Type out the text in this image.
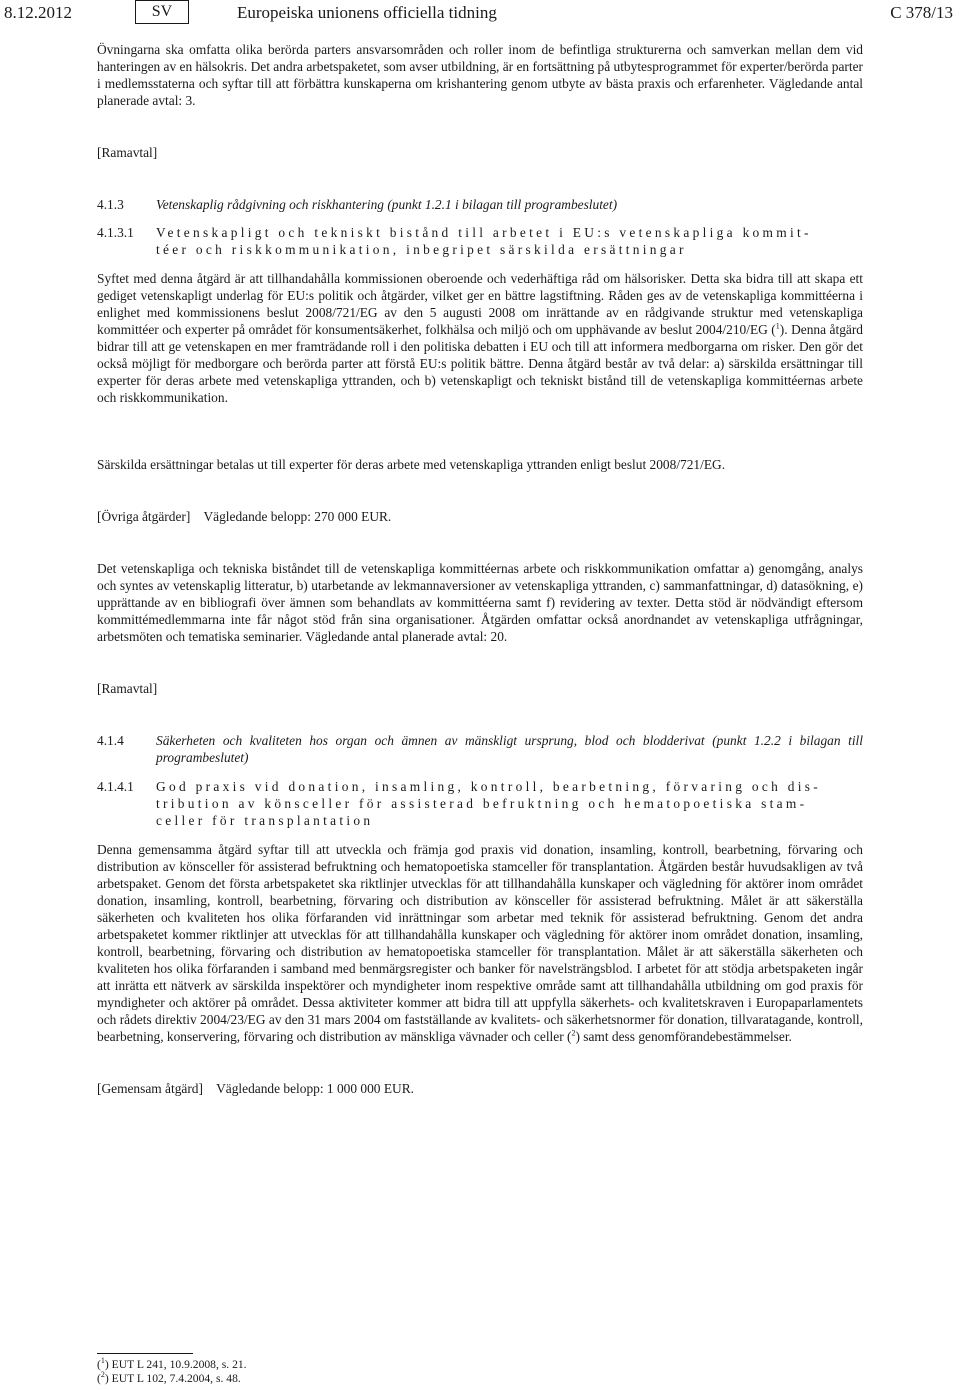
8.12.2012	SV	Europeiska unionens officiella tidning	C 378/13

Övningarna ska omfatta olika berörda parters ansvarsområden och roller inom de befintliga strukturerna och samverkan mellan dem vid hanteringen av en hälsokris. Det andra arbetspaketet, som avser utbildning, är en fortsättning på utbytesprogrammet för experter/berörda parter i medlemsstaterna och syftar till att förbättra kunskaperna om krishantering genom utbyte av bästa praxis och erfarenheter. Vägledande antal planerade avtal: 3.

[Ramavtal]

4.1.3	Vetenskaplig rådgivning och riskhantering (punkt 1.2.1 i bilagan till programbeslutet)
4.1.3.1	Vetenskapligt och tekniskt bistånd till arbetet i EU:s vetenskapliga kommit-
téer och riskkommunikation, inbegripet särskilda ersättningar

Syftet med denna åtgärd är att tillhandahålla kommissionen oberoende och vederhäftiga råd om hälsorisker. Detta ska bidra till att skapa ett gediget vetenskapligt underlag för EU:s politik och åtgärder, vilket ger en bättre lagstiftning. Råden ges av de vetenskapliga kommittéerna i enlighet med kommissionens beslut 2008/721/EG av den 5 augusti 2008 om inrättande av en rådgivande struktur med vetenskapliga kommittéer och experter på området för konsumentsäkerhet, folkhälsa och miljö och om upphävande av beslut 2004/210/EG ($^1$). Denna åtgärd bidrar till att ge vetenskapen en mer framträdande roll i den politiska debatten i EU och till att informera medborgarna om risker. Den gör det också möjligt för medborgare och berörda parter att förstå EU:s politik bättre. Denna åtgärd består av två delar: a) särskilda ersättningar till experter för deras arbete med vetenskapliga yttranden, och b) vetenskapligt och tekniskt bistånd till de vetenskapliga kommittéernas arbete och riskkommunikation.

Särskilda ersättningar betalas ut till experter för deras arbete med vetenskapliga yttranden enligt beslut 2008/721/EG.

[Övriga åtgärder] Vägledande belopp: 270 000 EUR.

Det vetenskapliga och tekniska biståndet till de vetenskapliga kommittéernas arbete och riskkommunikation omfattar a) genomgång, analys och syntes av vetenskaplig litteratur, b) utarbetande av lekmannaversioner av vetenskapliga yttranden, c) sammanfattningar, d) datasökning, e) upprättande av en bibliografi över ämnen som behandlats av kommittéerna samt f) revidering av texter. Detta stöd är nödvändigt eftersom kommittémedlemmarna inte får något stöd från sina organisationer. Åtgärden omfattar också anordnandet av vetenskapliga utfrågningar, arbetsmöten och tematiska seminarier. Vägledande antal planerade avtal: 20.

[Ramavtal]

4.1.4	Säkerheten och kvaliteten hos organ och ämnen av mänskligt ursprung, blod och blodderivat (punkt 1.2.2 i bilagan till programbeslutet)
4.1.4.1	God praxis vid donation, insamling, kontroll, bearbetning, förvaring och dis-
tribution av könsceller för assisterad befruktning och hematopoetiska stam-
celler för transplantation

Denna gemensamma åtgärd syftar till att utveckla och främja god praxis vid donation, insamling, kontroll, bearbetning, förvaring och distribution av könsceller för assisterad befruktning och hematopoetiska stamceller för transplantation. Åtgärden består huvudsakligen av två arbetspaket. Genom det första arbetspaketet ska riktlinjer utvecklas för att tillhandahålla kunskaper och vägledning för aktörer inom området donation, insamling, kontroll, bearbetning, förvaring och distribution av könsceller för assisterad befruktning. Målet är att säkerställa säkerheten och kvaliteten hos olika förfaranden vid inrättningar som arbetar med teknik för assisterad befruktning. Genom det andra arbetspaketet kommer riktlinjer att utvecklas för att tillhandahålla kunskaper och vägledning för aktörer inom området donation, insamling, kontroll, bearbetning, förvaring och distribution av hematopoetiska stamceller för transplantation. Målet är att säkerställa säkerheten och kvaliteten hos olika förfaranden i samband med benmärgsregister och banker för navelsträngsblod. I arbetet för att stödja arbetspaketen ingår att inrätta ett nätverk av särskilda inspektörer och myndigheter inom respektive område samt att tillhandahålla utbildning om god praxis för myndigheter och aktörer på området. Dessa aktiviteter kommer att bidra till att uppfylla säkerhets- och kvalitetskraven i Europaparlamentets och rådets direktiv 2004/23/EG av den 31 mars 2004 om fastställande av kvalitets- och säkerhetsnormer för donation, tillvaratagande, kontroll, bearbetning, konservering, förvaring och distribution av mänskliga vävnader och celler ($^2$) samt dess genomförandebestämmelser.

[Gemensam åtgärd] Vägledande belopp: 1 000 000 EUR.

($^1$) EUT L 241, 10.9.2008, s. 21.

($^2$) EUT L 102, 7.4.2004, s. 48.
